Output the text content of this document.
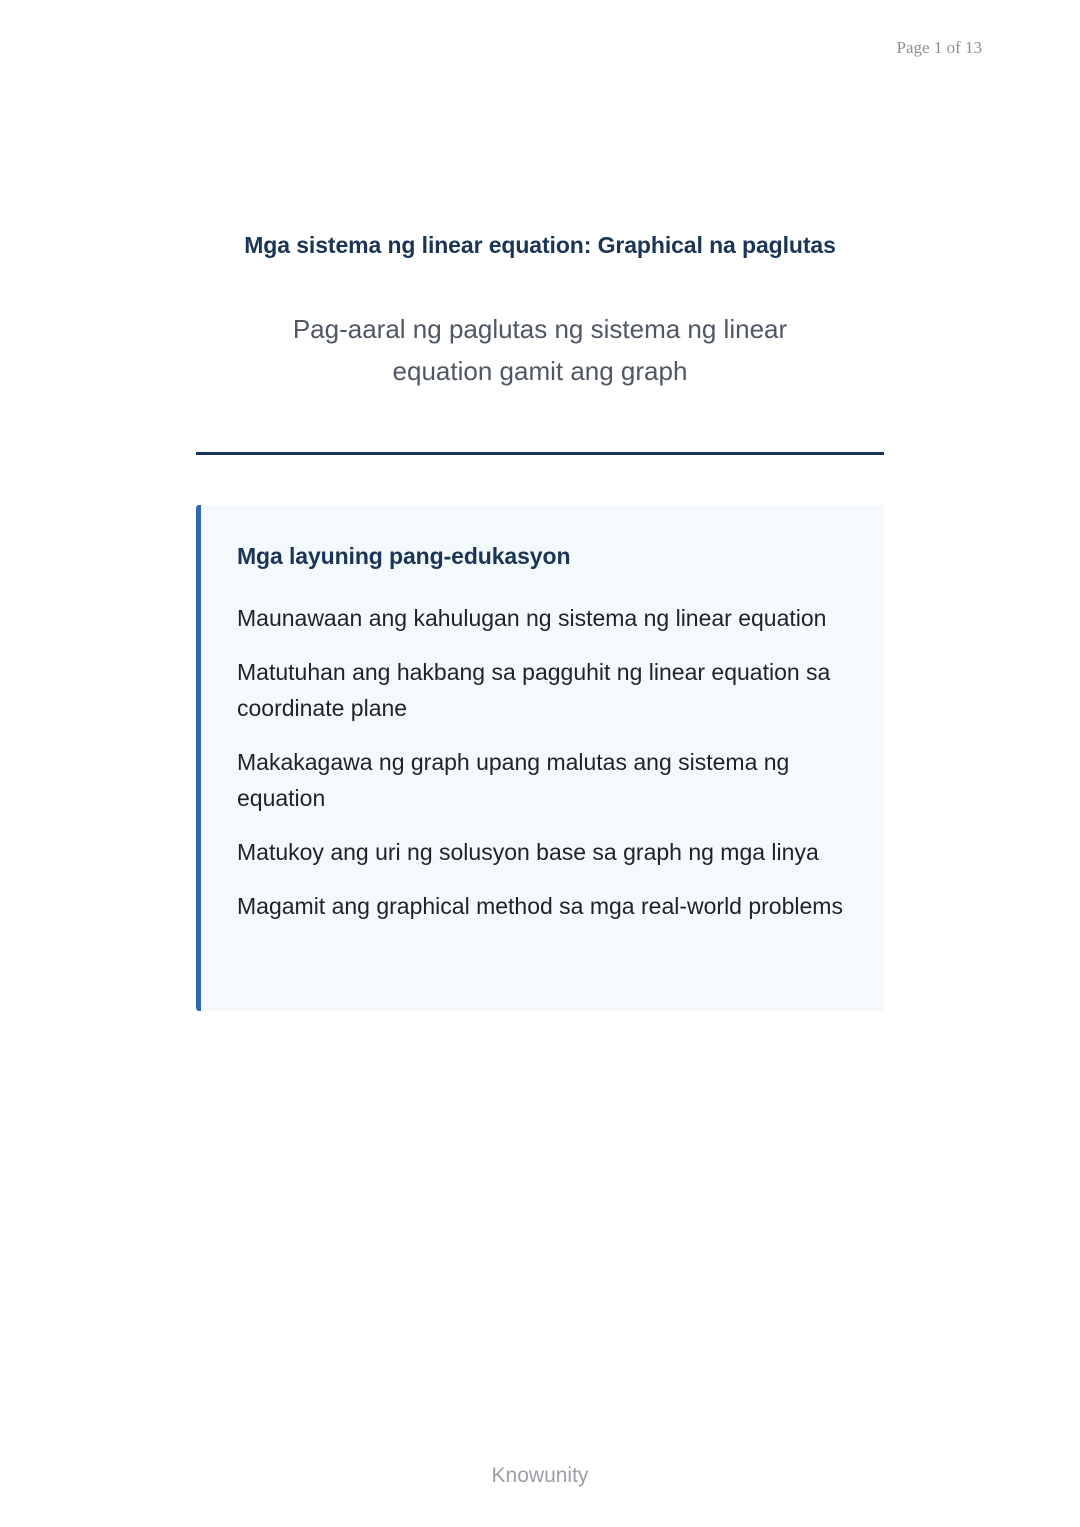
Page 1 of 13
Mga sistema ng linear equation: Graphical na paglutas
Pag-aaral ng paglutas ng sistema ng linear
equation gamit ang graph
Mga layuning pang-edukasyon
Maunawaan ang kahulugan ng sistema ng linear equation
Matutuhan ang hakbang sa pagguhit ng linear equation sa coordinate plane
Makakagawa ng graph upang malutas ang sistema ng equation
Matukoy ang uri ng solusyon base sa graph ng mga linya
Magamit ang graphical method sa mga real-world problems
Knowunity
